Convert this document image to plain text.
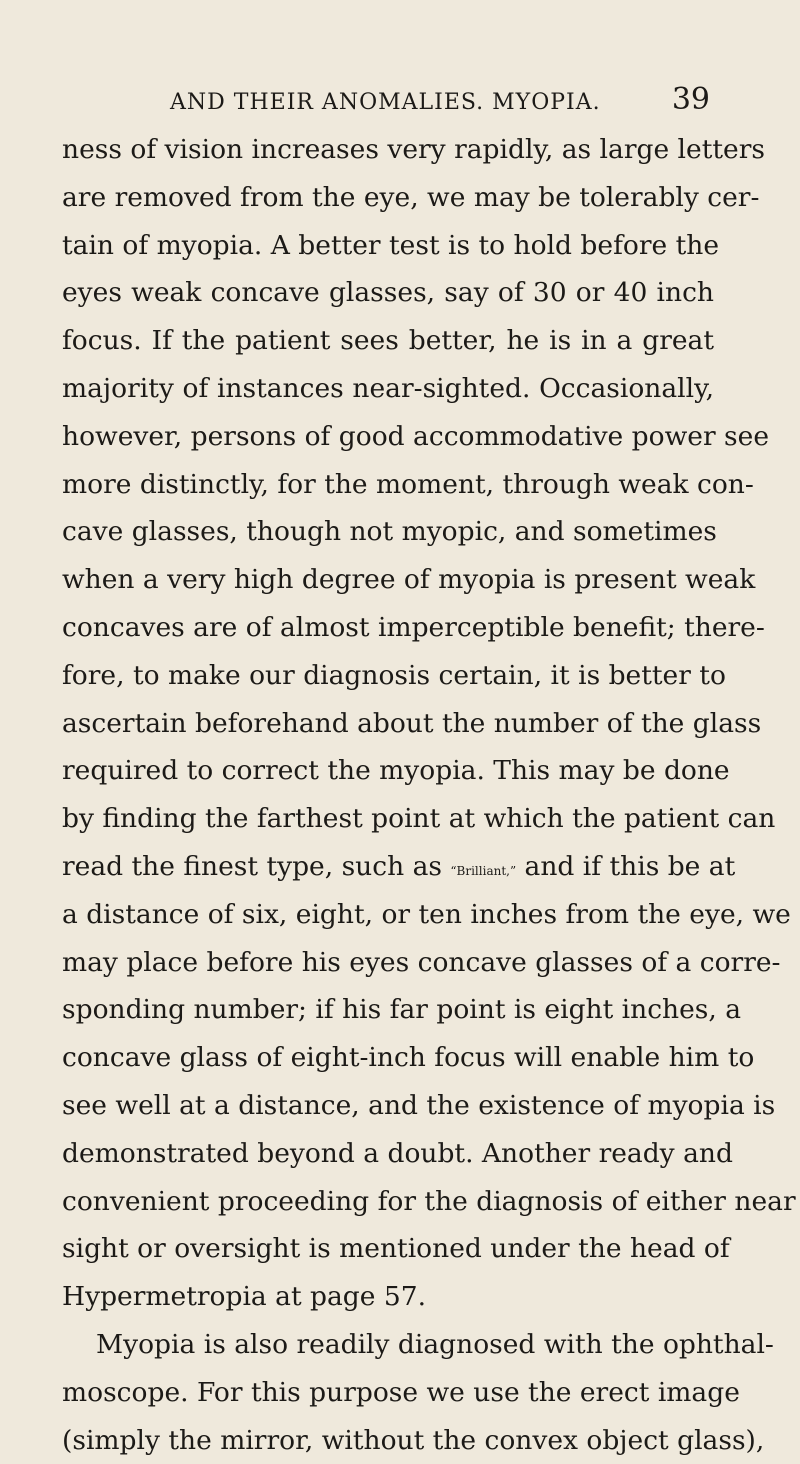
AND THEIR ANOMALIES. MYOPIA. 39
ness of vision increases very rapidly, as large letters
are removed from the eye, we may be tolerably cer-
tain of myopia. A better test is to hold before the
eyes weak concave glasses, say of 30 or 40 inch
focus. If the patient sees better, he is in a great
majority of instances near-sighted. Occasionally,
however, persons of good accommodative power see
more distinctly, for the moment, through weak con-
cave glasses, though not myopic, and sometimes
when a very high degree of myopia is present weak
concaves are of almost imperceptible benefit; there-
fore, to make our diagnosis certain, it is better to
ascertain beforehand about the number of the glass
required to correct the myopia. This may be done
by finding the farthest point at which the patient can
read the finest type, such as “Brilliant,” and if this be at
a distance of six, eight, or ten inches from the eye, we
may place before his eyes concave glasses of a corre-
sponding number; if his far point is eight inches, a
concave glass of eight-inch focus will enable him to
see well at a distance, and the existence of myopia is
demonstrated beyond a doubt. Another ready and
convenient proceeding for the diagnosis of either near
sight or oversight is mentioned under the head of
Hypermetropia at page 57.
Myopia is also readily diagnosed with the ophthal-
moscope. For this purpose we use the erect image
(simply the mirror, without the convex object glass),
